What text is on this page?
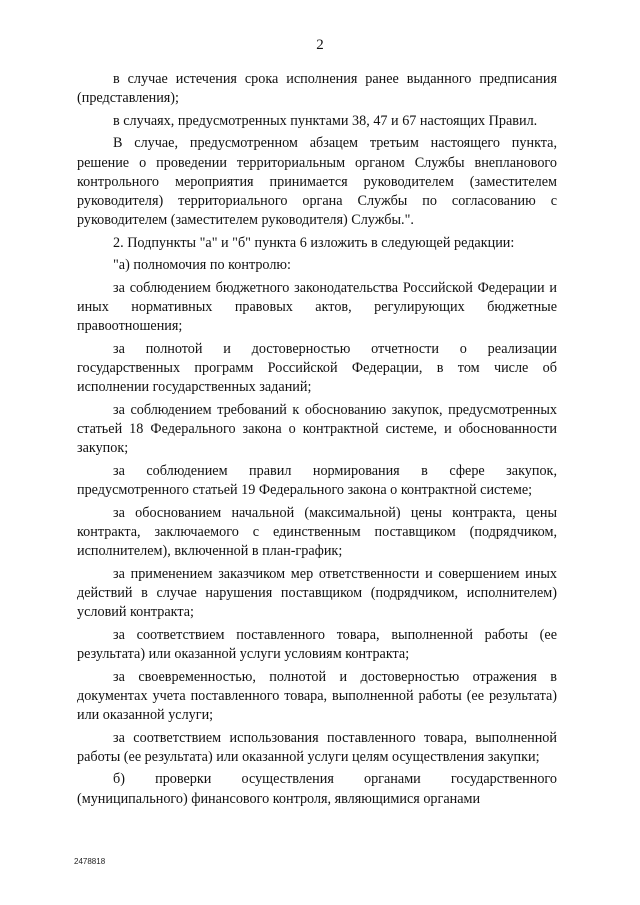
2

в случае истечения срока исполнения ранее выданного предписания (представления);

в случаях, предусмотренных пунктами 38, 47 и 67 настоящих Правил.

В случае, предусмотренном абзацем третьим настоящего пункта, решение о проведении территориальным органом Службы внепланового контрольного мероприятия принимается руководителем (заместителем руководителя) территориального органа Службы по согласованию с руководителем (заместителем руководителя) Службы.".

2. Подпункты "а" и "б" пункта 6 изложить в следующей редакции:

"а) полномочия по контролю:

за соблюдением бюджетного законодательства Российской Федерации и иных нормативных правовых актов, регулирующих бюджетные правоотношения;

за полнотой и достоверностью отчетности о реализации государственных программ Российской Федерации, в том числе об исполнении государственных заданий;

за соблюдением требований к обоснованию закупок, предусмотренных статьей 18 Федерального закона о контрактной системе, и обоснованности закупок;

за соблюдением правил нормирования в сфере закупок, предусмотренного статьей 19 Федерального закона о контрактной системе;

за обоснованием начальной (максимальной) цены контракта, цены контракта, заключаемого с единственным поставщиком (подрядчиком, исполнителем), включенной в план-график;

за применением заказчиком мер ответственности и совершением иных действий в случае нарушения поставщиком (подрядчиком, исполнителем) условий контракта;

за соответствием поставленного товара, выполненной работы (ее результата) или оказанной услуги условиям контракта;

за своевременностью, полнотой и достоверностью отражения в документах учета поставленного товара, выполненной работы (ее результата) или оказанной услуги;

за соответствием использования поставленного товара, выполненной работы (ее результата) или оказанной услуги целям осуществления закупки;

б) проверки осуществления органами государственного (муниципального) финансового контроля, являющимися органами

2478818
